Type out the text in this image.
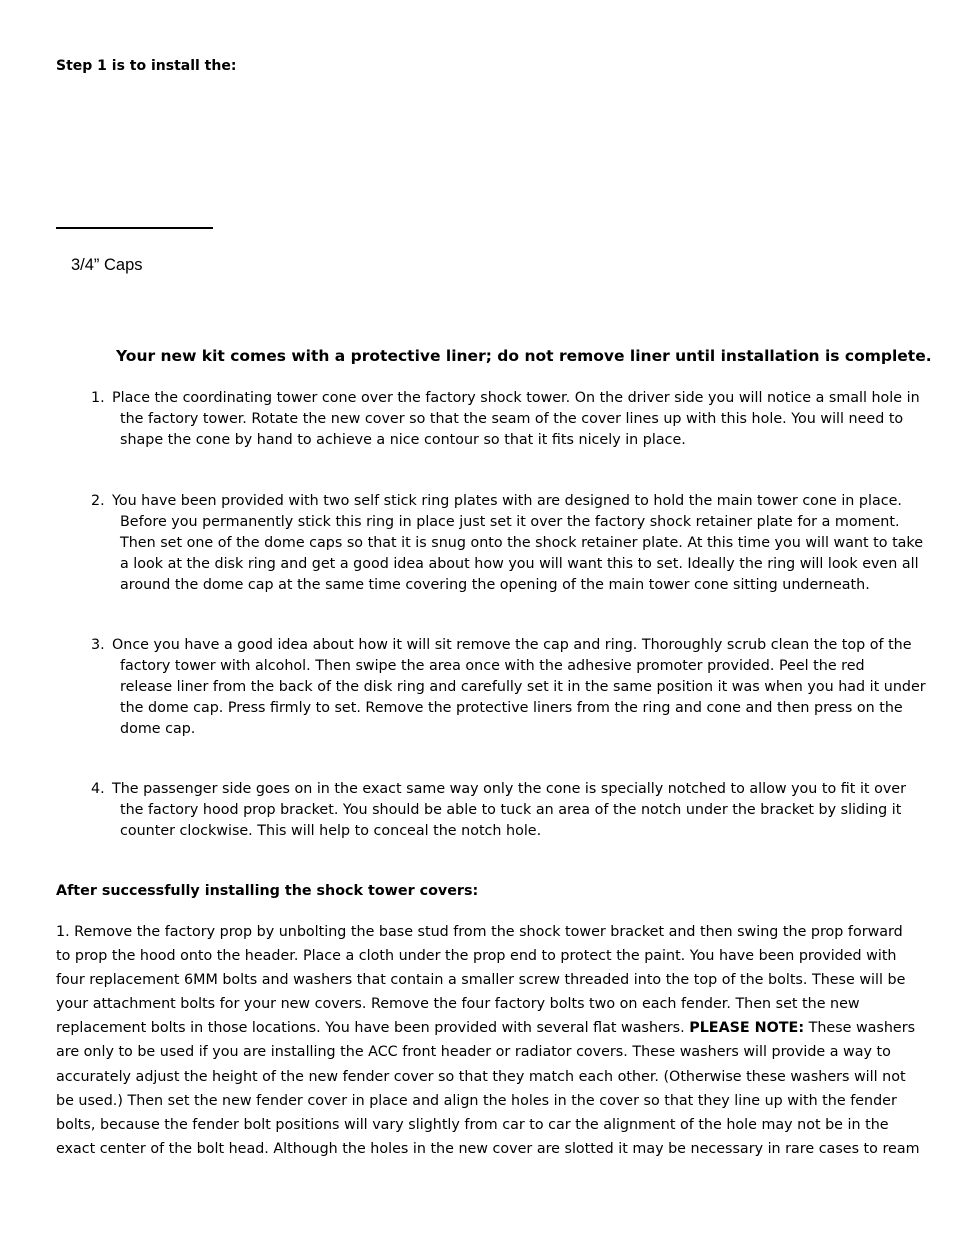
Step 1 is to install the:
3/4” Caps
Your new kit comes with a protective liner; do not remove liner until installation is complete.
1. Place the coordinating tower cone over the factory shock tower. On the driver side you will notice a small hole in
the factory tower. Rotate the new cover so that the seam of the cover lines up with this hole. You will need to
shape the cone by hand to achieve a nice contour so that it fits nicely in place.
2. You have been provided with two self stick ring plates with are designed to hold the main tower cone in place.
Before you permanently stick this ring in place just set it over the factory shock retainer plate for a moment.
Then set one of the dome caps so that it is snug onto the shock retainer plate. At this time you will want to take
a look at the disk ring and get a good idea about how you will want this to set. Ideally the ring will look even all
around the dome cap at the same time covering the opening of the main tower cone sitting underneath.
3. Once you have a good idea about how it will sit remove the cap and ring. Thoroughly scrub clean the top of the
factory tower with alcohol. Then swipe the area once with the adhesive promoter provided. Peel the red
release liner from the back of the disk ring and carefully set it in the same position it was when you had it under
the dome cap. Press firmly to set. Remove the protective liners from the ring and cone and then press on the
dome cap.
4. The passenger side goes on in the exact same way only the cone is specially notched to allow you to fit it over
the factory hood prop bracket. You should be able to tuck an area of the notch under the bracket by sliding it
counter clockwise. This will help to conceal the notch hole.
After successfully installing the shock tower covers:
1. Remove the factory prop by unbolting the base stud from the shock tower bracket and then swing the prop forward
to prop the hood onto the header. Place a cloth under the prop end to protect the paint. You have been provided with
four replacement 6MM bolts and washers that contain a smaller screw threaded into the top of the bolts. These will be
your attachment bolts for your new covers. Remove the four factory bolts two on each fender. Then set the new
replacement bolts in those locations. You have been provided with several flat washers. PLEASE NOTE: These washers
are only to be used if you are installing the ACC front header or radiator covers. These washers will provide a way to
accurately adjust the height of the new fender cover so that they match each other. (Otherwise these washers will not
be used.) Then set the new fender cover in place and align the holes in the cover so that they line up with the fender
bolts, because the fender bolt positions will vary slightly from car to car the alignment of the hole may not be in the
exact center of the bolt head. Although the holes in the new cover are slotted it may be necessary in rare cases to ream
